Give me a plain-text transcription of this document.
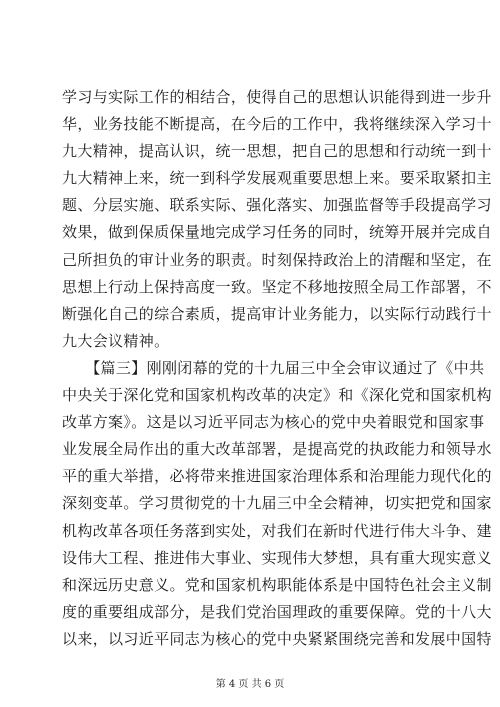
学习与实际工作的相结合，使得自己的思想认识能得到进一步升
华，业务技能不断提高，在今后的工作中，我将继续深入学习十
九大精神，提高认识，统一思想，把自己的思想和行动统一到十
九大精神上来，统一到科学发展观重要思想上来。要采取紧扣主
题、分层实施、联系实际、强化落实、加强监督等手段提高学习
效果，做到保质保量地完成学习任务的同时，统筹开展并完成自
己所担负的审计业务的职责。时刻保持政治上的清醒和坚定，在
思想上行动上保持高度一致。坚定不移地按照全局工作部署，不
断强化自己的综合素质，提高审计业务能力，以实际行动践行十
九大会议精神。
　　【篇三】刚刚闭幕的党的十九届三中全会审议通过了《中共
中央关于深化党和国家机构改革的决定》和《深化党和国家机构
改革方案》。这是以习近平同志为核心的党中央着眼党和国家事
业发展全局作出的重大改革部署，是提高党的执政能力和领导水
平的重大举措，必将带来推进国家治理体系和治理能力现代化的
深刻变革。学习贯彻党的十九届三中全会精神，切实把党和国家
机构改革各项任务落到实处，对我们在新时代进行伟大斗争、建
设伟大工程、推进伟大事业、实现伟大梦想，具有重大现实意义
和深远历史意义。党和国家机构职能体系是中国特色社会主义制
度的重要组成部分，是我们党治国理政的重要保障。党的十八大
以来，以习近平同志为核心的党中央紧紧围绕完善和发展中国特
第 4 页 共 6 页
